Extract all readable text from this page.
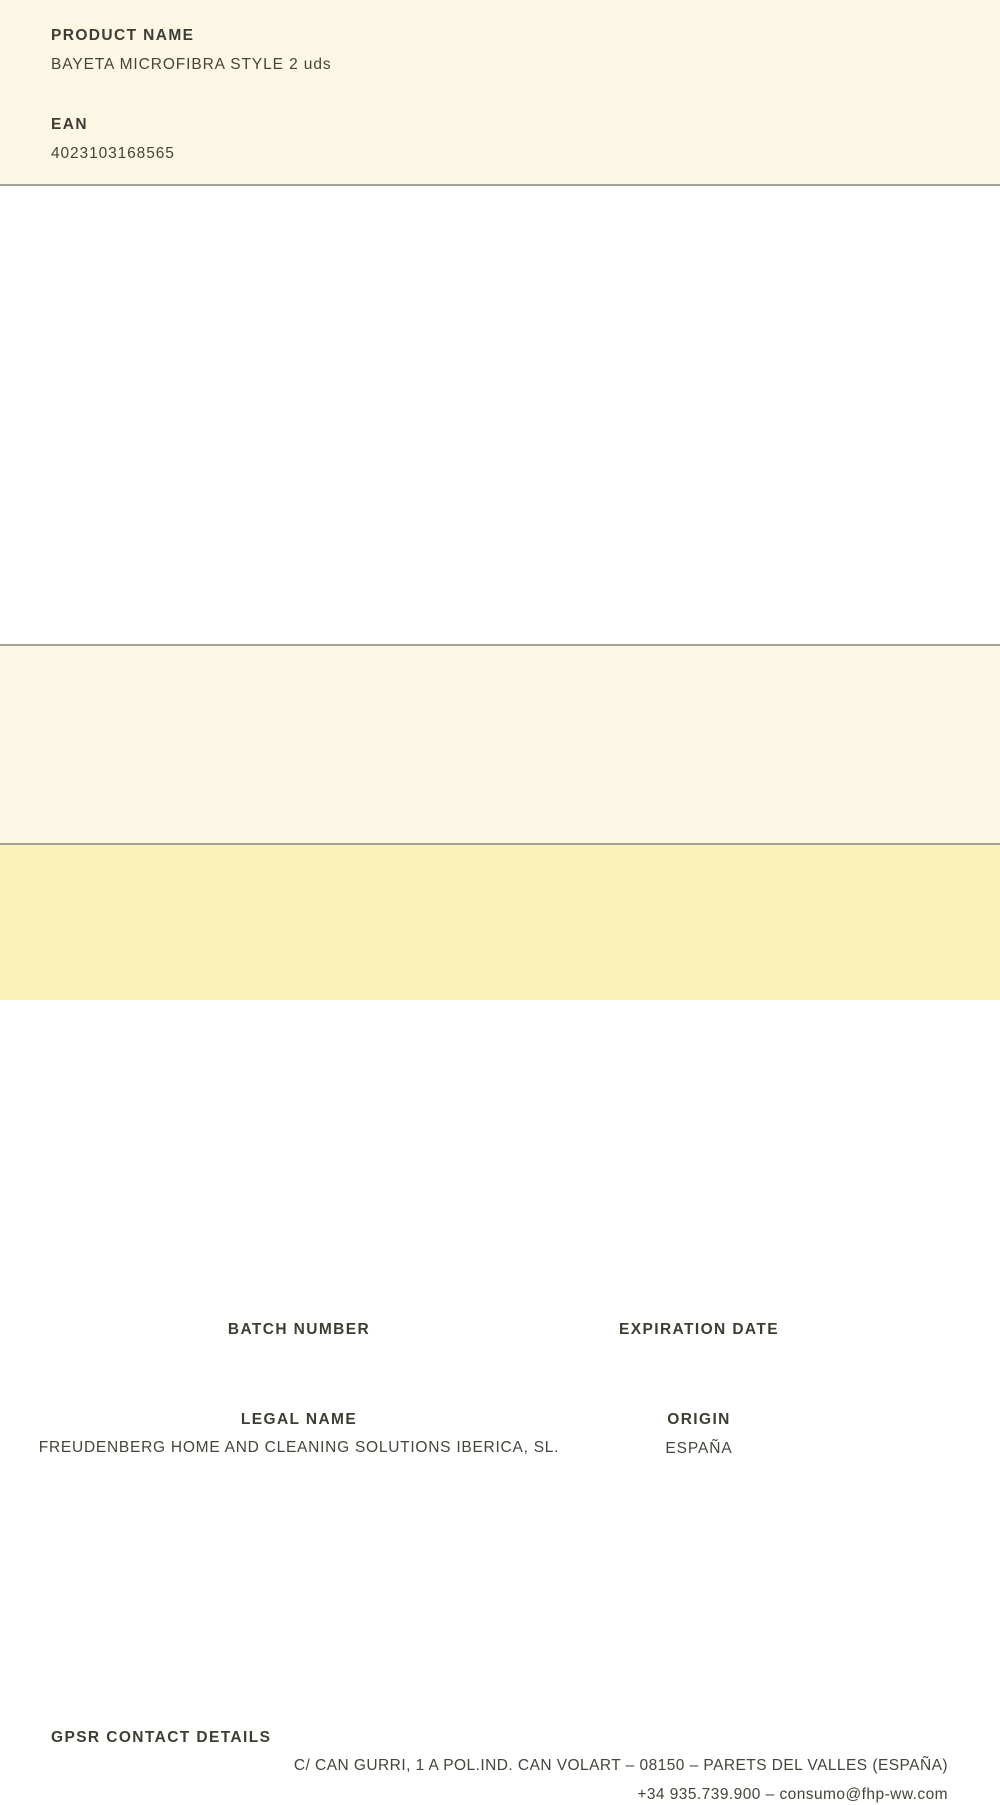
PRODUCT NAME
BAYETA MICROFIBRA STYLE 2 uds
EAN
4023103168565
BATCH NUMBER	EXPIRATION DATE
LEGAL NAME
FREUDENBERG HOME AND CLEANING SOLUTIONS IBERICA, SL.
ORIGIN
ESPAÑA
GPSR CONTACT DETAILS
C/ CAN GURRI, 1 A POL.IND. CAN VOLART – 08150 – PARETS DEL VALLES (ESPAÑA)
+34 935.739.900 – consumo@fhp-ww.com
